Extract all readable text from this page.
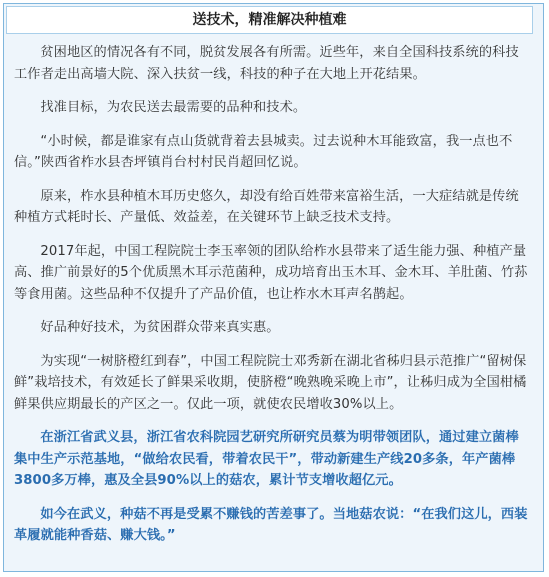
送技术，精准解决种植难

贫困地区的情况各有不同，脱贫发展各有所需。近些年，来自全国科技系统的科技工作者走出高墙大院、深入扶贫一线，科技的种子在大地上开花结果。

找准目标，为农民送去最需要的品种和技术。

“小时候，都是谁家有点山货就背着去县城卖。过去说种木耳能致富，我一点也不信。”陕西省柞水县杏坪镇肖台村村民肖超回忆说。

原来，柞水县种植木耳历史悠久，却没有给百姓带来富裕生活，一大症结就是传统种植方式耗时长、产量低、效益差，在关键环节上缺乏技术支持。

2017年起，中国工程院院士李玉率领的团队给柞水县带来了适生能力强、种植产量高、推广前景好的5个优质黑木耳示范菌种，成功培育出玉木耳、金木耳、羊肚菌、竹荪等食用菌。这些品种不仅提升了产品价值，也让柞水木耳声名鹊起。

好品种好技术，为贫困群众带来真实惠。

为实现“一树脐橙红到春”，中国工程院院士邓秀新在湖北省秭归县示范推广“留树保鲜”栽培技术，有效延长了鲜果采收期，使脐橙“晚熟晚采晚上市”，让秭归成为全国柑橘鲜果供应期最长的产区之一。仅此一项，就使农民增收30%以上。

在浙江省武义县，浙江省农科院园艺研究所研究员蔡为明带领团队，通过建立菌棒集中生产示范基地，“做给农民看，带着农民干”，带动新建生产线20多条，年产菌棒3800多万棒，惠及全县90%以上的菇农，累计节支增收超亿元。

如今在武义，种菇不再是受累不赚钱的苦差事了。当地菇农说：“在我们这儿，西装革履就能种香菇、赚大钱。”
